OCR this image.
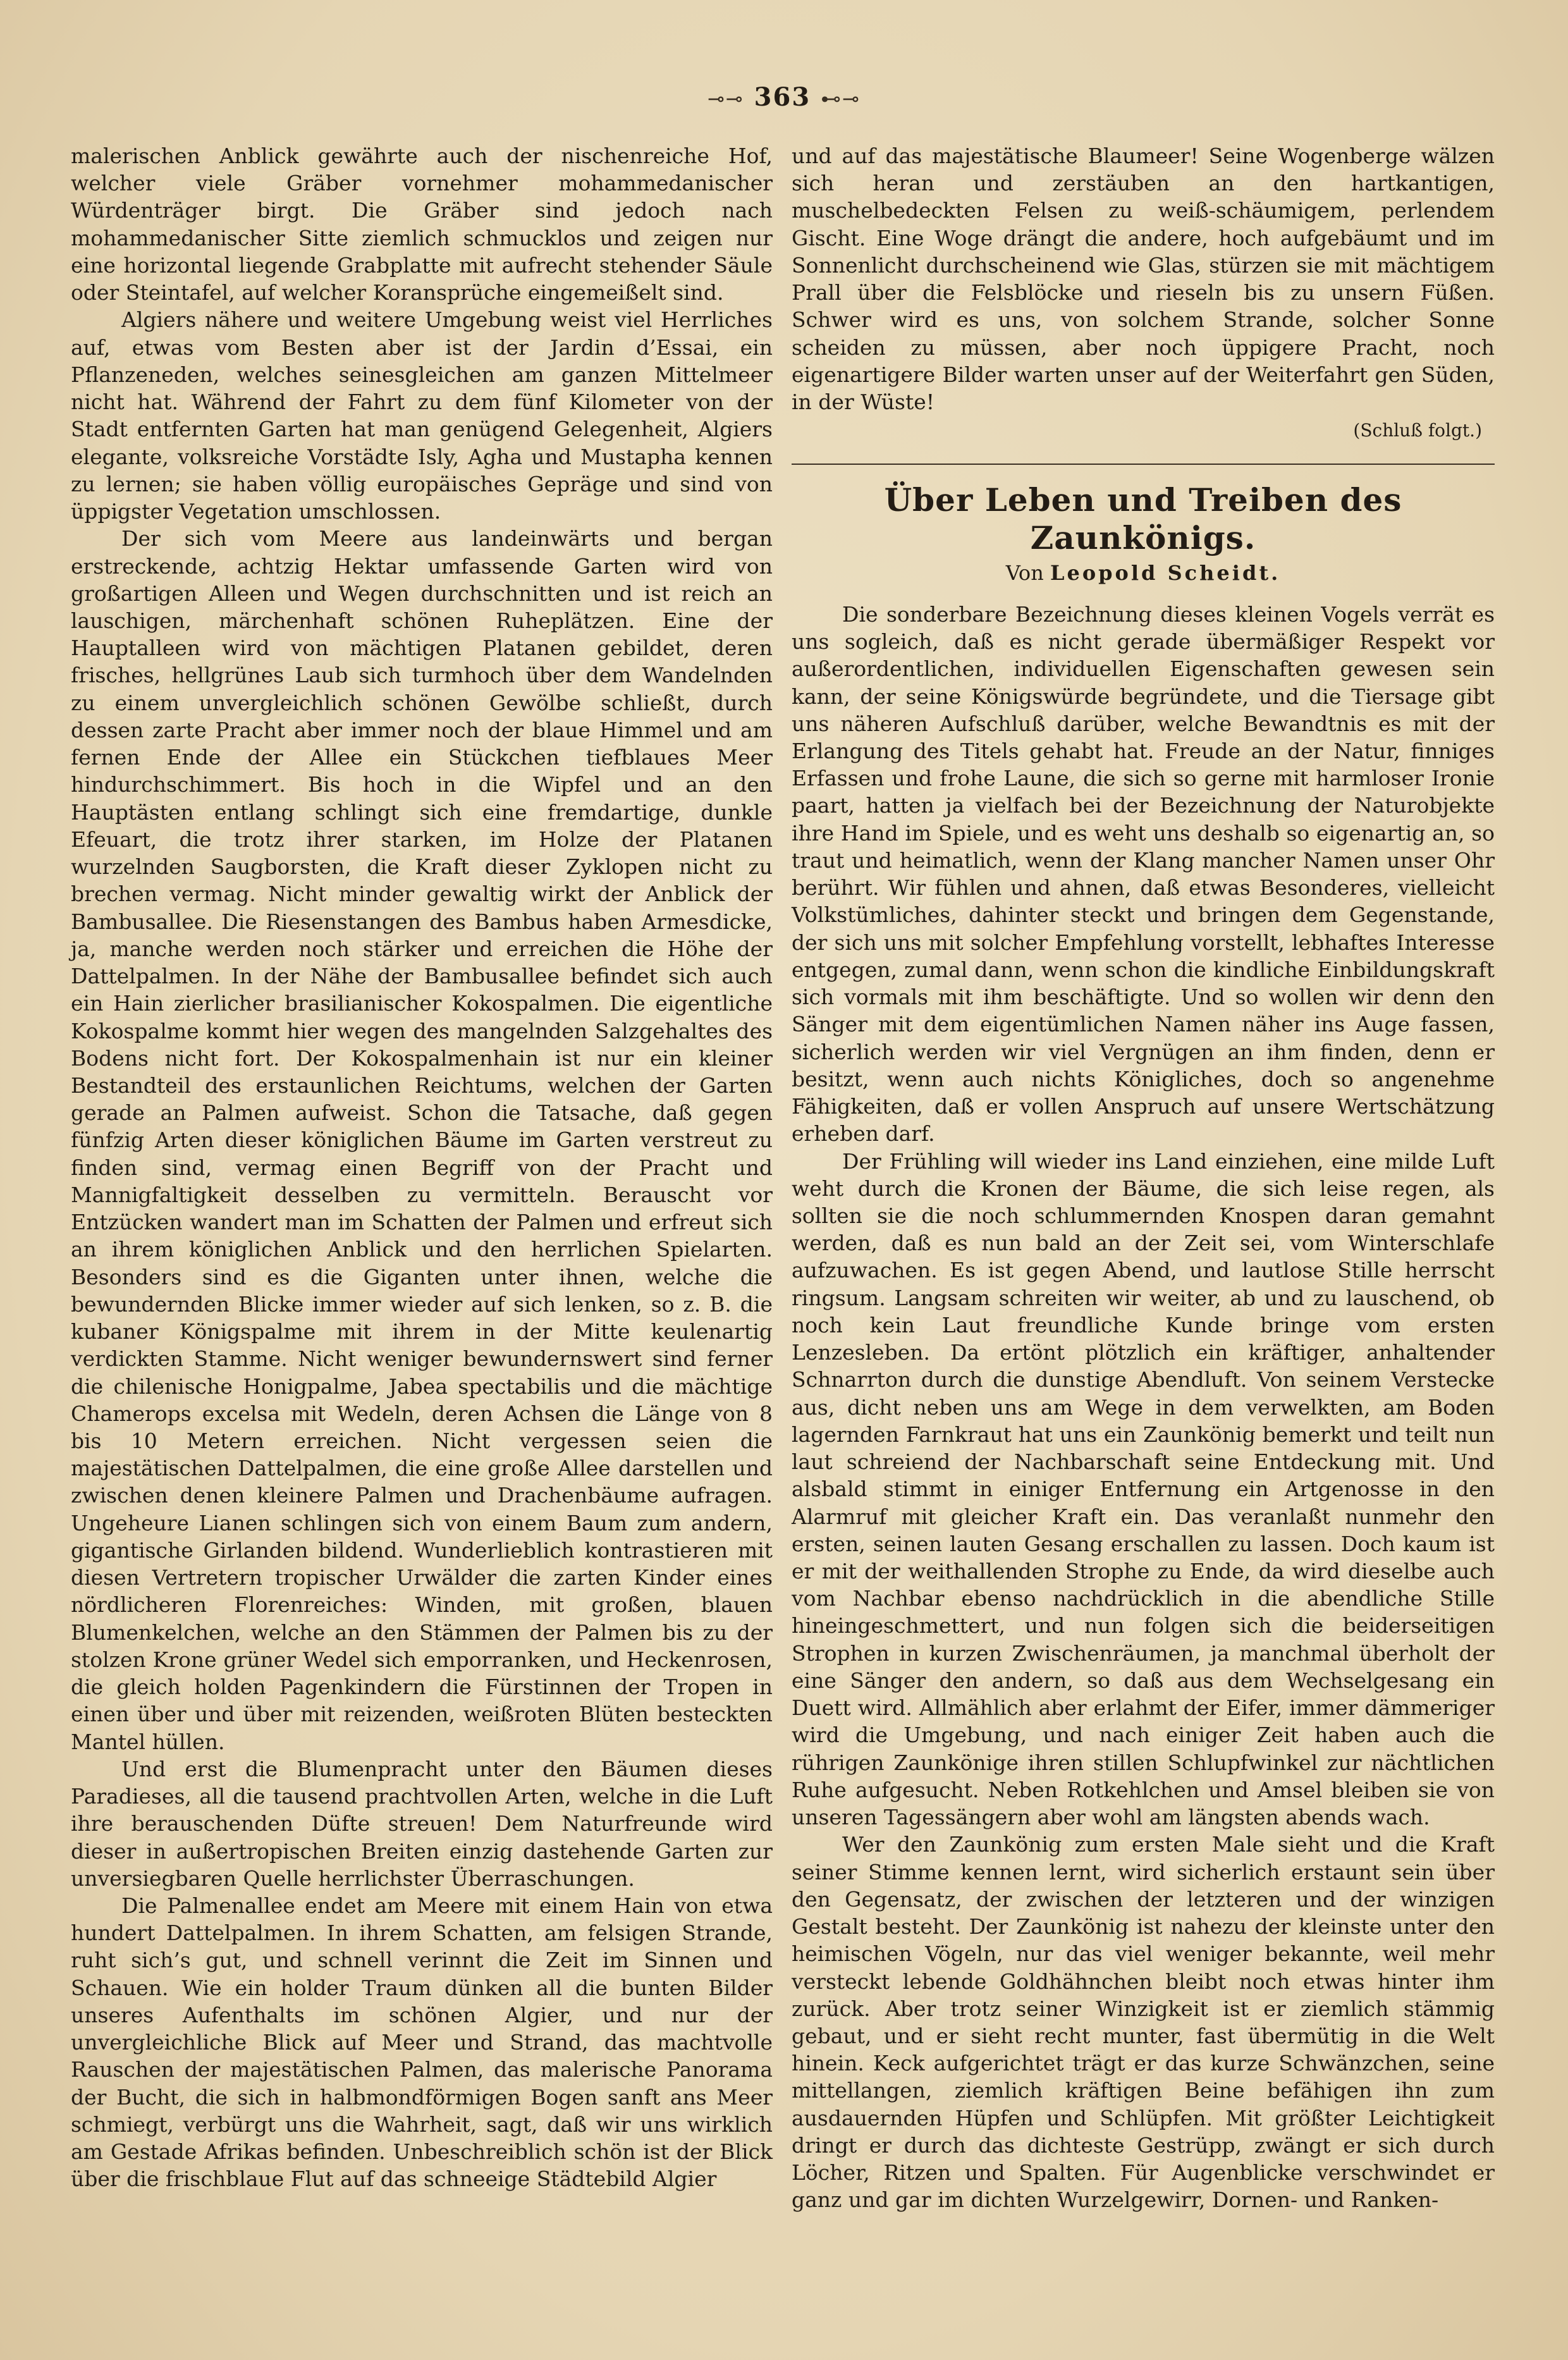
⊸⊸ 363 ⊷⊸

malerischen Anblick gewährte auch der nischenreiche Hof, welcher viele Gräber vornehmer mohammedanischer Würdenträger birgt. Die Gräber sind jedoch nach mohammedanischer Sitte ziemlich schmucklos und zeigen nur eine horizontal liegende Grabplatte mit aufrecht stehender Säule oder Steintafel, auf welcher Koransprüche eingemeißelt sind.

Algiers nähere und weitere Umgebung weist viel Herrliches auf, etwas vom Besten aber ist der Jardin d’Essai, ein Pflanzeneden, welches seinesgleichen am ganzen Mittelmeer nicht hat. Während der Fahrt zu dem fünf Kilometer von der Stadt entfernten Garten hat man genügend Gelegenheit, Algiers elegante, volksreiche Vorstädte Isly, Agha und Mustapha kennen zu lernen; sie haben völlig europäisches Gepräge und sind von üppigster Vegetation umschlossen.

Der sich vom Meere aus landeinwärts und bergan erstreckende, achtzig Hektar umfassende Garten wird von großartigen Alleen und Wegen durchschnitten und ist reich an lauschigen, märchenhaft schönen Ruheplätzen. Eine der Hauptalleen wird von mächtigen Platanen gebildet, deren frisches, hellgrünes Laub sich turmhoch über dem Wandelnden zu einem unvergleichlich schönen Gewölbe schließt, durch dessen zarte Pracht aber immer noch der blaue Himmel und am fernen Ende der Allee ein Stückchen tiefblaues Meer hindurchschimmert. Bis hoch in die Wipfel und an den Hauptästen entlang schlingt sich eine fremdartige, dunkle Efeuart, die trotz ihrer starken, im Holze der Platanen wurzelnden Saugborsten, die Kraft dieser Zyklopen nicht zu brechen vermag. Nicht minder gewaltig wirkt der Anblick der Bambusallee. Die Riesenstangen des Bambus haben Armesdicke, ja, manche werden noch stärker und erreichen die Höhe der Dattelpalmen. In der Nähe der Bambusallee befindet sich auch ein Hain zierlicher brasilianischer Kokospalmen. Die eigentliche Kokospalme kommt hier wegen des mangelnden Salzgehaltes des Bodens nicht fort. Der Kokospalmenhain ist nur ein kleiner Bestandteil des erstaunlichen Reichtums, welchen der Garten gerade an Palmen aufweist. Schon die Tatsache, daß gegen fünfzig Arten dieser königlichen Bäume im Garten verstreut zu finden sind, vermag einen Begriff von der Pracht und Mannigfaltigkeit desselben zu vermitteln. Berauscht vor Entzücken wandert man im Schatten der Palmen und erfreut sich an ihrem königlichen Anblick und den herrlichen Spielarten. Besonders sind es die Giganten unter ihnen, welche die bewundernden Blicke immer wieder auf sich lenken, so z. B. die kubaner Königspalme mit ihrem in der Mitte keulenartig verdickten Stamme. Nicht weniger bewundernswert sind ferner die chilenische Honigpalme, Jabea spectabilis und die mächtige Chamerops excelsa mit Wedeln, deren Achsen die Länge von 8 bis 10 Metern erreichen. Nicht vergessen seien die majestätischen Dattelpalmen, die eine große Allee darstellen und zwischen denen kleinere Palmen und Drachenbäume aufragen. Ungeheure Lianen schlingen sich von einem Baum zum andern, gigantische Girlanden bildend. Wunderlieblich kontrastieren mit diesen Vertretern tropischer Urwälder die zarten Kinder eines nördlicheren Florenreiches: Winden, mit großen, blauen Blumenkelchen, welche an den Stämmen der Palmen bis zu der stolzen Krone grüner Wedel sich emporranken, und Heckenrosen, die gleich holden Pagenkindern die Fürstinnen der Tropen in einen über und über mit reizenden, weißroten Blüten besteckten Mantel hüllen.

Und erst die Blumenpracht unter den Bäumen dieses Paradieses, all die tausend prachtvollen Arten, welche in die Luft ihre berauschenden Düfte streuen! Dem Naturfreunde wird dieser in außertropischen Breiten einzig dastehende Garten zur unversiegbaren Quelle herrlichster Überraschungen.

Die Palmenallee endet am Meere mit einem Hain von etwa hundert Dattelpalmen. In ihrem Schatten, am felsigen Strande, ruht sich’s gut, und schnell verinnt die Zeit im Sinnen und Schauen. Wie ein holder Traum dünken all die bunten Bilder unseres Aufenthalts im schönen Algier, und nur der unvergleichliche Blick auf Meer und Strand, das machtvolle Rauschen der majestätischen Palmen, das malerische Panorama der Bucht, die sich in halbmondförmigen Bogen sanft ans Meer schmiegt, verbürgt uns die Wahrheit, sagt, daß wir uns wirklich am Gestade Afrikas befinden. Unbeschreiblich schön ist der Blick über die frischblaue Flut auf das schneeige Städtebild Algier

und auf das majestätische Blaumeer! Seine Wogenberge wälzen sich heran und zerstäuben an den hartkantigen, muschelbedeckten Felsen zu weiß-schäumigem, perlendem Gischt. Eine Woge drängt die andere, hoch aufgebäumt und im Sonnenlicht durchscheinend wie Glas, stürzen sie mit mächtigem Prall über die Felsblöcke und rieseln bis zu unsern Füßen. Schwer wird es uns, von solchem Strande, solcher Sonne scheiden zu müssen, aber noch üppigere Pracht, noch eigenartigere Bilder warten unser auf der Weiterfahrt gen Süden, in der Wüste!

(Schluß folgt.)
Über Leben und Treiben des Zaunkönigs.
Von Leopold Scheidt.

Die sonderbare Bezeichnung dieses kleinen Vogels verrät es uns sogleich, daß es nicht gerade übermäßiger Respekt vor außerordentlichen, individuellen Eigenschaften gewesen sein kann, der seine Königswürde begründete, und die Tiersage gibt uns näheren Aufschluß darüber, welche Bewandtnis es mit der Erlangung des Titels gehabt hat. Freude an der Natur, finniges Erfassen und frohe Laune, die sich so gerne mit harmloser Ironie paart, hatten ja vielfach bei der Bezeichnung der Naturobjekte ihre Hand im Spiele, und es weht uns deshalb so eigenartig an, so traut und heimatlich, wenn der Klang mancher Namen unser Ohr berührt. Wir fühlen und ahnen, daß etwas Besonderes, vielleicht Volkstümliches, dahinter steckt und bringen dem Gegenstande, der sich uns mit solcher Empfehlung vorstellt, lebhaftes Interesse entgegen, zumal dann, wenn schon die kindliche Einbildungskraft sich vormals mit ihm beschäftigte. Und so wollen wir denn den Sänger mit dem eigentümlichen Namen näher ins Auge fassen, sicherlich werden wir viel Vergnügen an ihm finden, denn er besitzt, wenn auch nichts Königliches, doch so angenehme Fähigkeiten, daß er vollen Anspruch auf unsere Wertschätzung erheben darf.

Der Frühling will wieder ins Land einziehen, eine milde Luft weht durch die Kronen der Bäume, die sich leise regen, als sollten sie die noch schlummernden Knospen daran gemahnt werden, daß es nun bald an der Zeit sei, vom Winterschlafe aufzuwachen. Es ist gegen Abend, und lautlose Stille herrscht ringsum. Langsam schreiten wir weiter, ab und zu lauschend, ob noch kein Laut freundliche Kunde bringe vom ersten Lenzesleben. Da ertönt plötzlich ein kräftiger, anhaltender Schnarrton durch die dunstige Abendluft. Von seinem Verstecke aus, dicht neben uns am Wege in dem verwelkten, am Boden lagernden Farnkraut hat uns ein Zaunkönig bemerkt und teilt nun laut schreiend der Nachbarschaft seine Entdeckung mit. Und alsbald stimmt in einiger Entfernung ein Artgenosse in den Alarmruf mit gleicher Kraft ein. Das veranlaßt nunmehr den ersten, seinen lauten Gesang erschallen zu lassen. Doch kaum ist er mit der weithallenden Strophe zu Ende, da wird dieselbe auch vom Nachbar ebenso nachdrücklich in die abendliche Stille hineingeschmettert, und nun folgen sich die beiderseitigen Strophen in kurzen Zwischenräumen, ja manchmal überholt der eine Sänger den andern, so daß aus dem Wechselgesang ein Duett wird. Allmählich aber erlahmt der Eifer, immer dämmeriger wird die Umgebung, und nach einiger Zeit haben auch die rührigen Zaunkönige ihren stillen Schlupfwinkel zur nächtlichen Ruhe aufgesucht. Neben Rotkehlchen und Amsel bleiben sie von unseren Tagessängern aber wohl am längsten abends wach.

Wer den Zaunkönig zum ersten Male sieht und die Kraft seiner Stimme kennen lernt, wird sicherlich erstaunt sein über den Gegensatz, der zwischen der letzteren und der winzigen Gestalt besteht. Der Zaunkönig ist nahezu der kleinste unter den heimischen Vögeln, nur das viel weniger bekannte, weil mehr versteckt lebende Goldhähnchen bleibt noch etwas hinter ihm zurück. Aber trotz seiner Winzigkeit ist er ziemlich stämmig gebaut, und er sieht recht munter, fast übermütig in die Welt hinein. Keck aufgerichtet trägt er das kurze Schwänzchen, seine mittellangen, ziemlich kräftigen Beine befähigen ihn zum ausdauernden Hüpfen und Schlüpfen. Mit größter Leichtigkeit dringt er durch das dichteste Gestrüpp, zwängt er sich durch Löcher, Ritzen und Spalten. Für Augenblicke verschwindet er ganz und gar im dichten Wurzelgewirr, Dornen- und Ranken-
